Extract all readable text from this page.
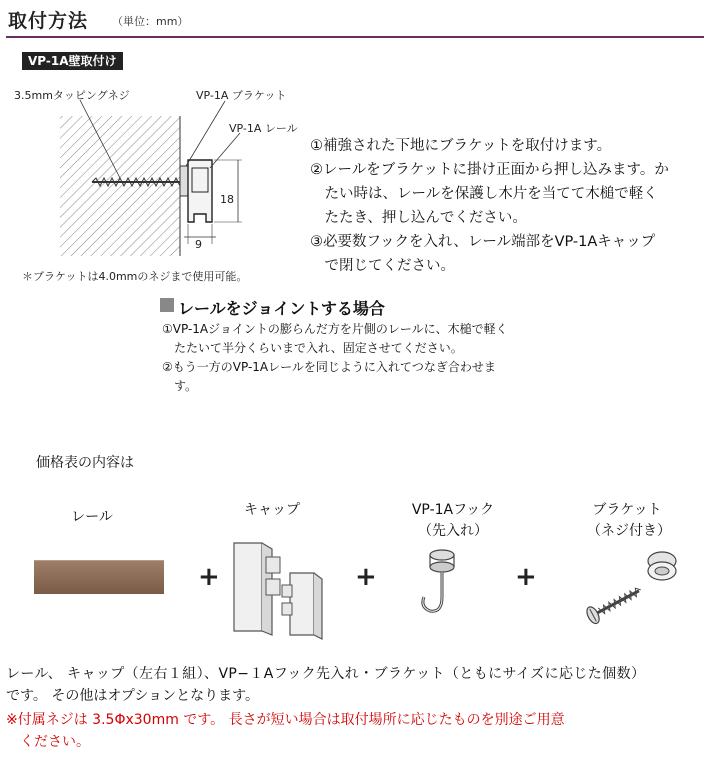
取付方法 （単位：mm）
VP-1A壁取付け
3.5mmタッピングネジ	VP-1A ブラケット
VP-1A レール
18
9
＊ブラケットは4.0mmのネジまで使用可能。
①補強された下地にブラケットを取付けます。
②レールをブラケットに掛け正面から押し込みます。か
　たい時は、レールを保護し木片を当てて木槌で軽く
　たたき、押し込んでください。
③必要数フックを入れ、レール端部をVP-1Aキャップ
　で閉じてください。
レールをジョイントする場合
①VP-1Aジョイントの膨らんだ方を片側のレールに、木槌で軽く
　たたいて半分くらいまで入れ、固定させてください。
②もう一方のVP-1Aレールを同じように入れてつなぎ合わせま
　す。
価格表の内容は
レール	キャップ	VP-1Aフック
（先入れ）
ブラケット
（ネジ付き）
+	+	+
レール、 キャップ（左右１組）、VP−１Aフック先入れ・ブラケット（ともにサイズに応じた個数）
です。 その他はオプションとなります。
※付属ネジは 3.5Φx30mm です。 長さが短い場合は取付場所に応じたものを別途ご用意
　ください。
